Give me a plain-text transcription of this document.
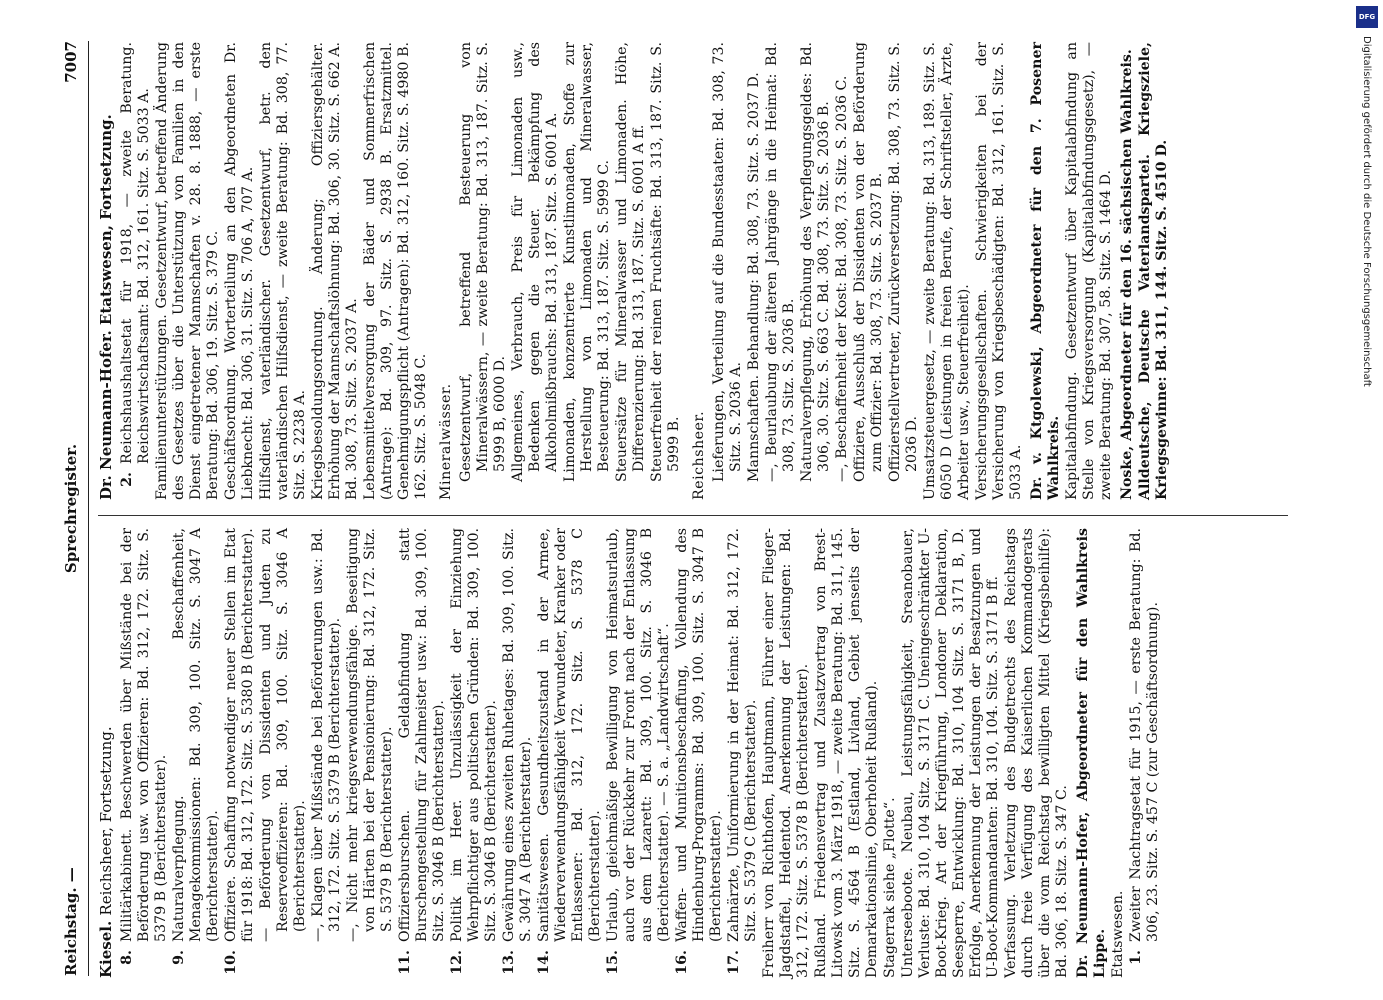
Reichstag. —
Sprechregister.
7007
Kiesel. Reichsheer, Fortsetzung.
8.
Militärkabinett. Beschwerden über Mißstände bei der Beförderung usw. von Offizieren: Bd. 312, 172. Sitz. S. 5379 B (Berichterstatter).
9.
Naturalverpflegung. Beschaffenheit, Menagekommissionen: Bd. 309, 100. Sitz. S. 3047 A (Berichterstatter).
10.
Offiziere. Schaffung notwendiger neuer Stellen im Etat für 1918: Bd. 312, 172. Sitz. S. 5380 B (Berichterstatter). — Beförderung von Dissidenten und Juden zu Reserveoffizieren: Bd. 309, 100. Sitz. S. 3046 A (Berichterstatter). —, Klagen über Mißstände bei Beförderungen usw.: Bd. 312, 172. Sitz. S. 5379 B (Berichterstatter). —, Nicht mehr kriegsverwendungsfähige. Beseitigung von Härten bei der Pensionierung: Bd. 312, 172. Sitz. S. 5379 B (Berichterstatter).
11.
Offiziersburschen. Geldabfindung statt Burschengestellung für Zahlmeister usw.: Bd. 309, 100. Sitz. S. 3046 B (Berichterstatter).
12.
Politik im Heer. Unzulässigkeit der Einziehung Wehrpflichtiger aus politischen Gründen: Bd. 309, 100. Sitz. S. 3046 B (Berichterstatter).
13.
Gewährung eines zweiten Ruhetages: Bd. 309, 100. Sitz. S. 3047 A (Berichterstatter).
14.
Sanitätswesen. Gesundheitszustand in der Armee, Wiederverwendungsfähigkeit Verwundeter, Kranker oder Entlassener: Bd. 312, 172. Sitz. S. 5378 C (Berichterstatter).
15.
Urlaub, gleichmäßige Bewilligung von Heimatsurlaub, auch vor der Rückkehr zur Front nach der Entlassung aus dem Lazarett: Bd. 309, 100. Sitz. S. 3046 B (Berichterstatter). — S. a. „Landwirtschaft“.
16.
Waffen- und Munitionsbeschaffung, Vollendung des Hindenburg-Programms: Bd. 309, 100. Sitz. S. 3047 B (Berichterstatter).
17.
Zahnärzte, Uniformierung in der Heimat: Bd. 312, 172. Sitz. S. 5379 C (Berichterstatter). Freiherr von Richthofen, Hauptmann, Führer einer Flieger-Jagdstaffel, Heldentod. Anerkennung der Leistungen: Bd. 312, 172. Sitz. S. 5378 B (Berichterstatter). Rußland. Friedensvertrag und Zusatzvertrag von Brest-Litowsk vom 3. März 1918, — zweite Beratung: Bd. 311, 145. Sitz. S. 4564 B (Estland, Livland, Gebiet jenseits der Demarkationslinie, Oberhoheit Rußland). Stagerrak siehe „Flotte“. Unterseeboote. Neubau, Leistungsfähigkeit, Sreanobauer, Verluste: Bd. 310, 104 Sitz. S. 3171 C. Uneingeschränkter U-Boot-Krieg. Art der Kriegführung, Londoner Deklaration, Seesperre, Entwicklung: Bd. 310, 104 Sitz. S. 3171 B, D. Erfolge, Anerkennung der Leistungen der Besatzungen und U-Boot-Kommandanten: Bd. 310, 104. Sitz. S. 3171 B ff. Verfassung. Verletzung des Budgetrechts des Reichstags durch freie Verfügung des Kaiserlichen Kommandogerats über die vom Reichstag bewilligten Mittel (Kriegsbeihilfe): Bd. 306, 18. Sitz. S. 347 C. Dr. Neumann-Hofer, Abgeordneter für den Wahlkreis Lippe. Etatswesen. 1.
Zweiter Nachtragsetat für 1915, — erste Beratung: Bd. 306, 23. Sitz. S. 457 C (zur Geschäftsordnung).
Dr. Neumann-Hofer. Etatswesen, Fortsetzung. 2.
Reichshaushaltsetat für 1918, — zweite Beratung. Reichswirtschaftsamt: Bd. 312, 161. Sitz. S. 5033 A. Familienunterstützungen. Gesetzentwurf, betreffend Änderung des Gesetzes über die Unterstützung von Familien in den Dienst eingetretener Mannschaften v. 28. 8. 1888, — erste Beratung: Bd. 306, 19. Sitz. S. 379 C. Geschäftsordnung. Worterteilung an den Abgeordneten Dr. Liebknecht: Bd. 306, 31. Sitz. S. 706 A, 707 A. Hilfsdienst, vaterländischer. Gesetzentwurf, betr. den vaterländischen Hilfsdienst, — zweite Beratung: Bd. 308, 77. Sitz. S. 2238 A. Kriegsbesoldungsordnung. Änderung; Offiziersgehälter. Erhöhung der Mannschaftslöhnung: Bd. 306, 30. Sitz. S. 662 A. Bd. 308, 73. Sitz. S. 2037 A. Lebensmittelversorgung der Bäder und Sommerfrischen (Antrage): Bd. 309, 97. Sitz. S. 2938 B. Ersatzmittel. Genehmigungspflicht (Antragen): Bd. 312, 160. Sitz. S. 4980 B. 162. Sitz. S. 5048 C. Mineralwässer. Gesetzentwurf, betreffend Besteuerung von Mineralwässern, — zweite Beratung: Bd. 313, 187. Sitz. S. 5999 B, 6000 D. Allgemeines, Verbrauch, Preis für Limonaden usw., Bedenken gegen die Steuer. Bekämpfung des Alkoholmißbrauchs: Bd. 313, 187. Sitz. S. 6001 A. Limonaden, konzentrierte Kunstlimonaden, Stoffe zur Herstellung von Limonaden und Mineralwasser, Besteuerung: Bd. 313, 187. Sitz. S. 5999 C. Steuersätze für Mineralwasser und Limonaden. Höhe, Differenzierung: Bd. 313, 187. Sitz. S. 6001 A ff. Steuerfreiheit der reinen Fruchtsäfte: Bd. 313, 187. Sitz. S. 5999 B. Reichsheer. Lieferungen, Verteilung auf die Bundesstaaten: Bd. 308, 73. Sitz. S. 2036 A. Mannschaften. Behandlung: Bd. 308, 73. Sitz. S. 2037 D. —, Beurlaubung der älteren Jahrgänge in die Heimat: Bd. 308, 73. Sitz. S. 2036 B. Naturalverpflegung, Erhöhung des Verpflegungsgeldes: Bd. 306, 30. Sitz. S. 663 C. Bd. 308, 73. Sitz. S. 2036 B. —, Beschaffenheit der Kost: Bd. 308, 73. Sitz. S. 2036 C. Offiziere, Ausschluß der Dissidenten von der Beförderung zum Offizier: Bd. 308, 73. Sitz. S. 2037 B. Offizierstellvertreter, Zurückversetzung: Bd. 308, 73. Sitz. S. 2036 D. Umsatzsteuergesetz, — zweite Beratung: Bd. 313, 189. Sitz. S. 6050 D (Leistungen in freien Berufe, der Schriftsteller, Ärzte, Arbeiter usw., Steuerfreiheit). Versicherungsgesellschaften. Schwierigkeiten bei der Versicherung von Kriegsbeschädigten: Bd. 312, 161. Sitz. S. 5033 A. Dr. v. Ktgolewski, Abgeordneter für den 7. Posener Wahlkreis. Kapitalabfindung. Gesetzentwurf über Kapitalabfindung an Stelle von Kriegsversorgung (Kapitalabfindungsgesetz), — zweite Beratung: Bd. 307, 58. Sitz. S. 1464 D. Noske, Abgeordneter für den 16. sächsischen Wahlkreis. Alldeutsche, Deutsche Vaterlandspartei. Kriegsziele, Kriegsgewinne: Bd. 311, 144. Sitz. S. 4510 D.
DFG
Digitalisierung gefördert durch die Deutsche Forschungsgemeinschaft
